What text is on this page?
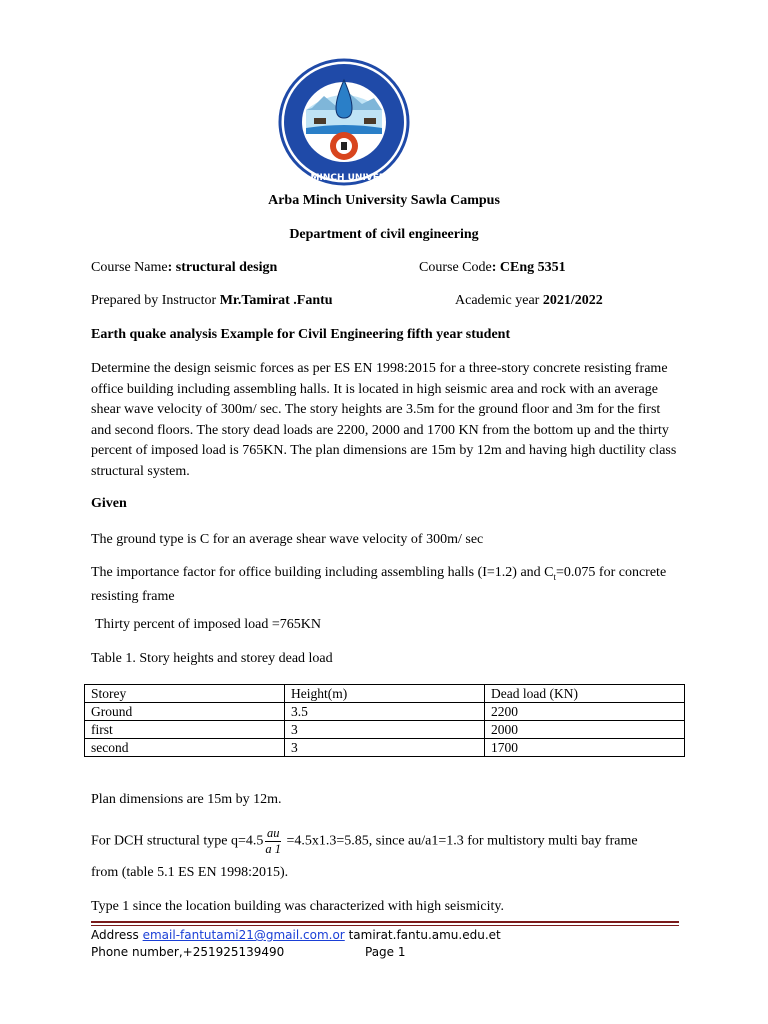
ARBA MINCH UNIVERSITY
Arba Minch University Sawla Campus
Department of civil engineering
Course Name: structural design	Course Code: CEng 5351
Prepared by Instructor Mr.Tamirat .Fantu	Academic year 2021/2022
Earth quake analysis Example for Civil Engineering fifth year student
Determine the design seismic forces as per ES EN 1998:2015 for a three-story concrete resisting frame office building including assembling halls. It is located in high seismic area and rock with an average shear wave velocity of 300m/ sec. The story heights are 3.5m for the ground floor and 3m for the first and second floors. The story dead loads are 2200, 2000 and 1700 KN from the bottom up and the thirty percent of imposed load is 765KN. The plan dimensions are 15m by 12m and having high ductility class structural system.
Given
The ground type is C for an average shear wave velocity of 300m/ sec
The importance factor for office building including assembling halls (I=1.2) and $C_t=0.075$ for concrete resisting frame
Thirty percent of imposed load =765KN
Table 1. Story heights and storey dead load
Storey	Height(m)	Dead load (KN)
Ground	3.5	2200
first	3	2000
second	3	1700
Plan dimensions are 15m by 12m.
For DCH structural type $q=4.5 \frac{au}{a 1} =4.5x1.3=5.85$, since au/a1=1.3 for multistory multi bay frame
from (table 5.1 ES EN 1998:2015).
Type 1 since the location building was characterized with high seismicity.
Address email-fantutami21@gmail.com.or tamirat.fantu.amu.edu.et
Phone number,+251925139490	Page 1
